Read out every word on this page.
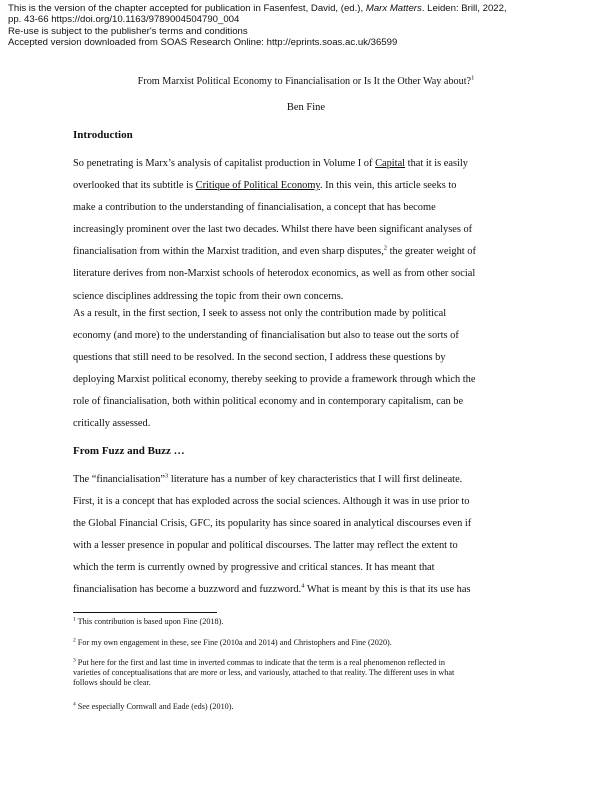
This is the version of the chapter accepted for publication in Fasenfest, David, (ed.), Marx Matters. Leiden: Brill, 2022,
pp. 43-66 https://doi.org/10.1163/9789004504790_004
Re-use is subject to the publisher's terms and conditions
Accepted version downloaded from SOAS Research Online: http://eprints.soas.ac.uk/36599
From Marxist Political Economy to Financialisation or Is It the Other Way about?$^1$
Ben Fine
Introduction
So penetrating is Marx’s analysis of capitalist production in Volume I of Capital that it is easily
overlooked that its subtitle is Critique of Political Economy. In this vein, this article seeks to
make a contribution to the understanding of financialisation, a concept that has become
increasingly prominent over the last two decades. Whilst there have been significant analyses of
financialisation from within the Marxist tradition, and even sharp disputes,$^2$ the greater weight of
literature derives from non-Marxist schools of heterodox economics, as well as from other social
science disciplines addressing the topic from their own concerns.
As a result, in the first section, I seek to assess not only the contribution made by political
economy (and more) to the understanding of financialisation but also to tease out the sorts of
questions that still need to be resolved. In the second section, I address these questions by
deploying Marxist political economy, thereby seeking to provide a framework through which the
role of financialisation, both within political economy and in contemporary capitalism, can be
critically assessed.
From Fuzz and Buzz …
The “financialisation”$^3$ literature has a number of key characteristics that I will first delineate.
First, it is a concept that has exploded across the social sciences. Although it was in use prior to
the Global Financial Crisis, GFC, its popularity has since soared in analytical discourses even if
with a lesser presence in popular and political discourses. The latter may reflect the extent to
which the term is currently owned by progressive and critical stances. It has meant that
financialisation has become a buzzword and fuzzword.$^4$ What is meant by this is that its use has
$^1$ This contribution is based upon Fine (2018).
$^2$ For my own engagement in these, see Fine (2010a and 2014) and Christophers and Fine (2020).
$^3$ Put here for the first and last time in inverted commas to indicate that the term is a real phenomenon reflected in
varieties of conceptualisations that are more or less, and variously, attached to that reality. The different uses in what
follows should be clear.
$^4$ See especially Cornwall and Eade (eds) (2010).
